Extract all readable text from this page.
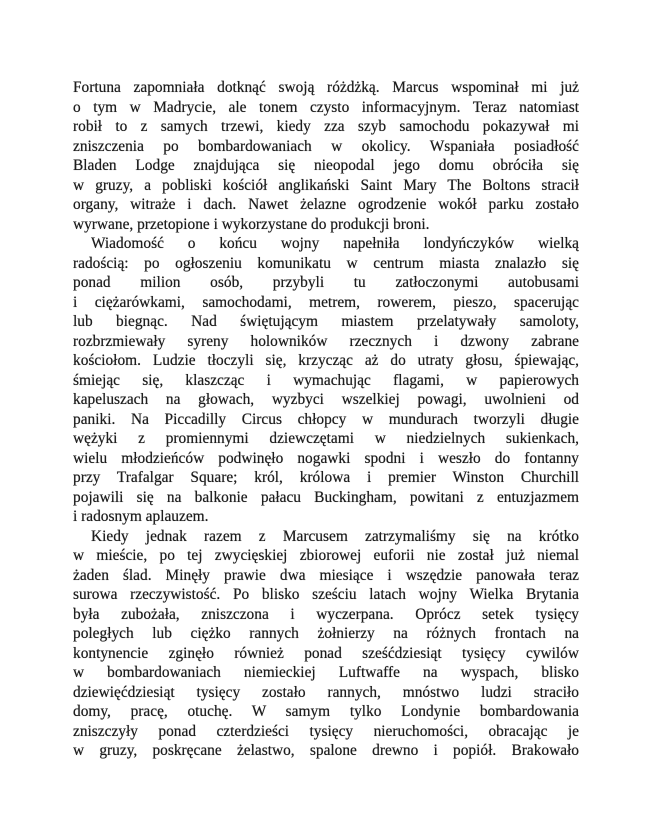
Fortuna zapomniała dotknąć swoją różdżką. Marcus wspominał mi już
o tym w Madrycie, ale tonem czysto informacyjnym. Teraz natomiast
robił to z samych trzewi, kiedy zza szyb samochodu pokazywał mi
zniszczenia po bombardowaniach w okolicy. Wspaniała posiadłość
Bladen Lodge znajdująca się nieopodal jego domu obróciła się
w gruzy, a pobliski kościół anglikański Saint Mary The Boltons stracił
organy, witraże i dach. Nawet żelazne ogrodzenie wokół parku zostało
wyrwane, przetopione i wykorzystane do produkcji broni.
Wiadomość o końcu wojny napełniła londyńczyków wielką
radością: po ogłoszeniu komunikatu w centrum miasta znalazło się
ponad milion osób, przybyli tu zatłoczonymi autobusami
i ciężarówkami, samochodami, metrem, rowerem, pieszo, spacerując
lub biegnąc. Nad świętującym miastem przelatywały samoloty,
rozbrzmiewały syreny holowników rzecznych i dzwony zabrane
kościołom. Ludzie tłoczyli się, krzycząc aż do utraty głosu, śpiewając,
śmiejąc się, klaszcząc i wymachując flagami, w papierowych
kapeluszach na głowach, wyzbyci wszelkiej powagi, uwolnieni od
paniki. Na Piccadilly Circus chłopcy w mundurach tworzyli długie
wężyki z promiennymi dziewczętami w niedzielnych sukienkach,
wielu młodzieńców podwinęło nogawki spodni i weszło do fontanny
przy Trafalgar Square; król, królowa i premier Winston Churchill
pojawili się na balkonie pałacu Buckingham, powitani z entuzjazmem
i radosnym aplauzem.
Kiedy jednak razem z Marcusem zatrzymaliśmy się na krótko
w mieście, po tej zwycięskiej zbiorowej euforii nie został już niemal
żaden ślad. Minęły prawie dwa miesiące i wszędzie panowała teraz
surowa rzeczywistość. Po blisko sześciu latach wojny Wielka Brytania
była zubożała, zniszczona i wyczerpana. Oprócz setek tysięcy
poległych lub ciężko rannych żołnierzy na różnych frontach na
kontynencie zginęło również ponad sześćdziesiąt tysięcy cywilów
w bombardowaniach niemieckiej Luftwaffe na wyspach, blisko
dziewięćdziesiąt tysięcy zostało rannych, mnóstwo ludzi straciło
domy, pracę, otuchę. W samym tylko Londynie bombardowania
zniszczyły ponad czterdzieści tysięcy nieruchomości, obracając je
w gruzy, poskręcane żelastwo, spalone drewno i popiół. Brakowało
